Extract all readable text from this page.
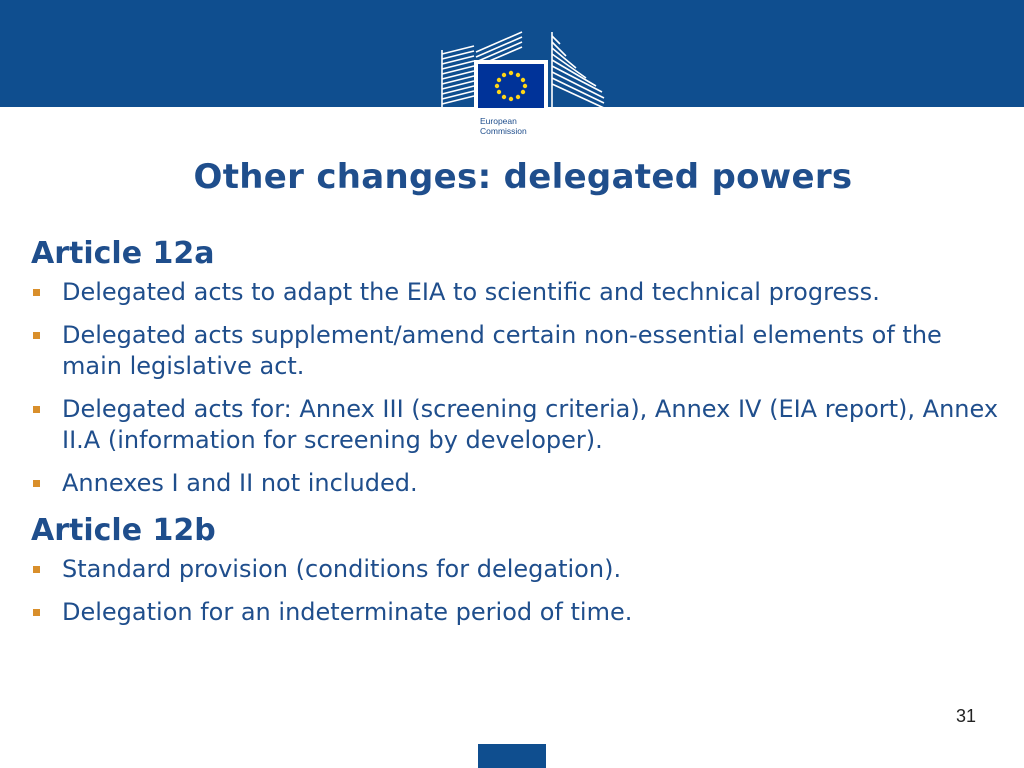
European
Commission
Other changes: delegated powers
Article 12a
Delegated acts to adapt the EIA to scientific and technical progress.
Delegated acts supplement/amend certain non-essential elements of the main legislative act.
Delegated acts for: Annex III (screening criteria), Annex IV (EIA report), Annex II.A (information for screening by developer).
Annexes I and II not included.
Article 12b
Standard provision (conditions for delegation).
Delegation for an indeterminate period of time.
31
